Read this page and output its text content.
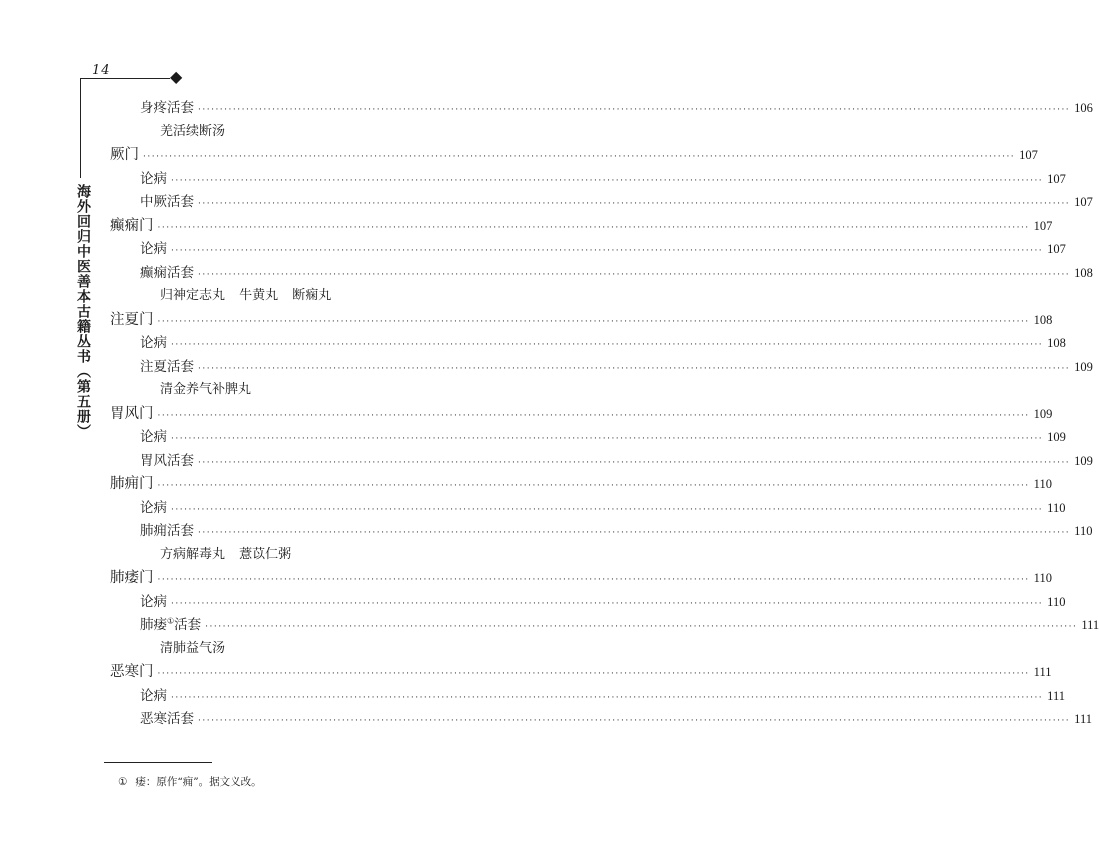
14	◆
海外回归中医善本古籍丛书（第五册）
身疼活套 ········································································································································································································ 106
羌活续断汤
厥门 ········································································································································································································ 107
论病 ········································································································································································································ 107
中厥活套 ········································································································································································································ 107
癫痫门 ········································································································································································································ 107
论病 ········································································································································································································ 107
癫痫活套 ········································································································································································································ 108
归神定志丸 牛黄丸 断痫丸
注夏门 ········································································································································································································ 108
论病 ········································································································································································································ 108
注夏活套 ········································································································································································································ 109
清金养气补脾丸
胃风门 ········································································································································································································ 109
论病 ········································································································································································································ 109
胃风活套 ········································································································································································································ 109
肺痈门 ········································································································································································································ 110
论病 ········································································································································································································ 110
肺痈活套 ········································································································································································································ 110
方病解毒丸 薏苡仁粥
肺痿门 ········································································································································································································ 110
论病 ········································································································································································································ 110
肺痿①活套 ········································································································································································································ 111
清肺益气汤
恶寒门 ········································································································································································································ 111
论病 ········································································································································································································ 111
恶寒活套 ········································································································································································································ 111
① 痿：原作“痈”。据文义改。
